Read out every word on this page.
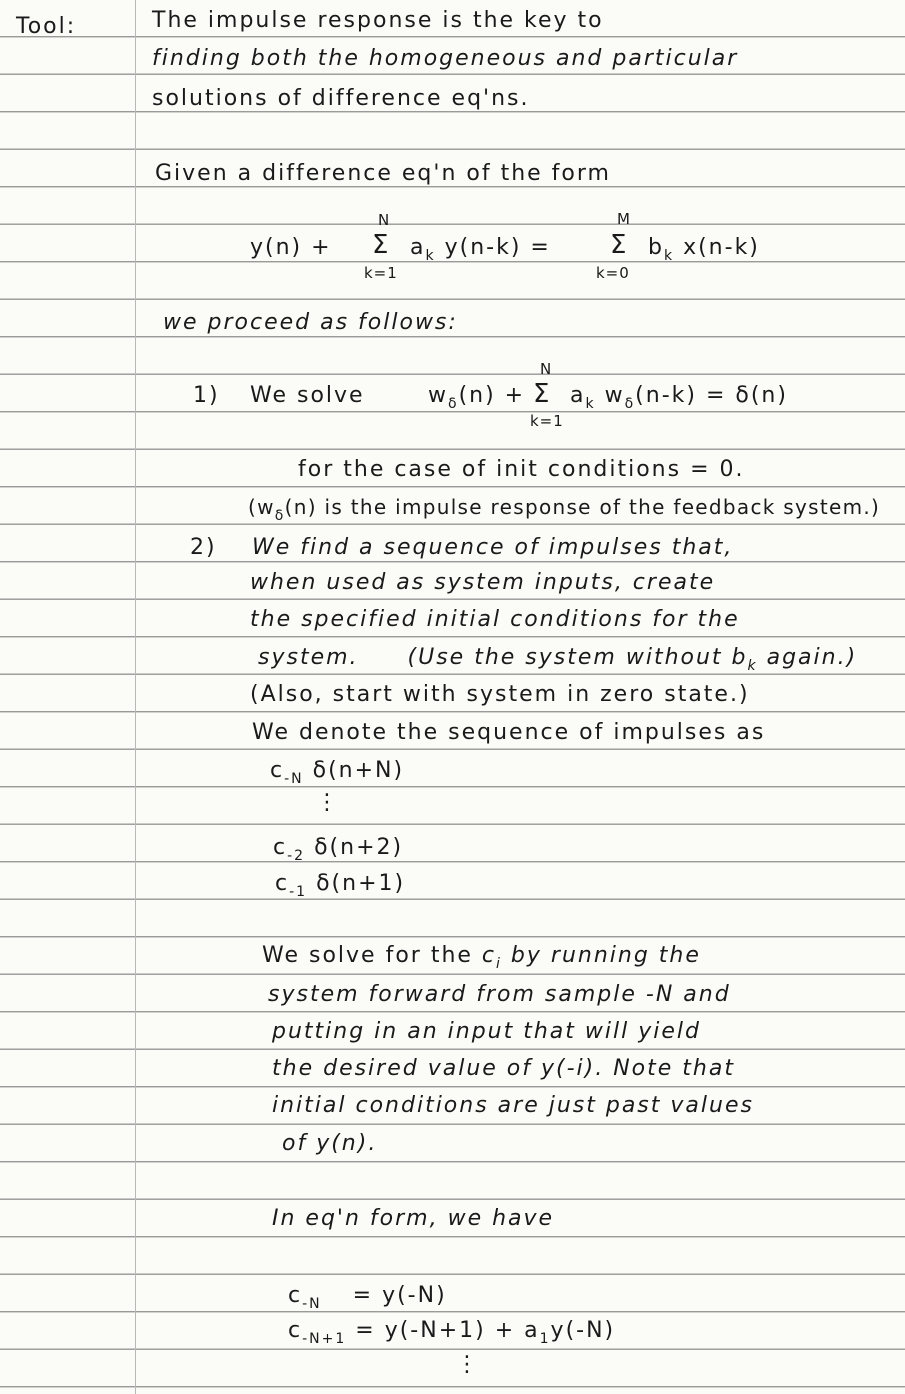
Tool:	The impulse response is the key to
finding both the homogeneous and particular
solutions of difference eq'ns.
Given a difference eq'n of the form
y(n) +
N
Σ
k=1
$a_k$ y(n-k) =
M
Σ
k=0
$b_k$ x(n-k)
we proceed as follows:
1) We solve	$w_\delta(n)$ +
N
Σ
k=1
$a_k$ $w_\delta(n-k) = \delta(n)$
for the case of init conditions = 0.
($w_\delta(n)$ is the impulse response of the feedback system.)
2) We find a sequence of impulses that,
when used as system inputs, create
the specified initial conditions for the
system. (Use the system without $b_k$ again.)
(Also, start with system in zero state.)
We denote the sequence of impulses as
$c_{-N}$ δ(n+N)
⋮
$c_{-2}$ δ(n+2)
$c_{-1}$ δ(n+1)
We solve for the $c_i$ by running the
system forward from sample -N and
putting in an input that will yield
the desired value of y(-i). Note that
initial conditions are just past values
of y(n).
In eq'n form, we have
$c_{-N} = y(-N)$
$c_{-N+1} = y(-N+1) + a_1y(-N)$
⋮
